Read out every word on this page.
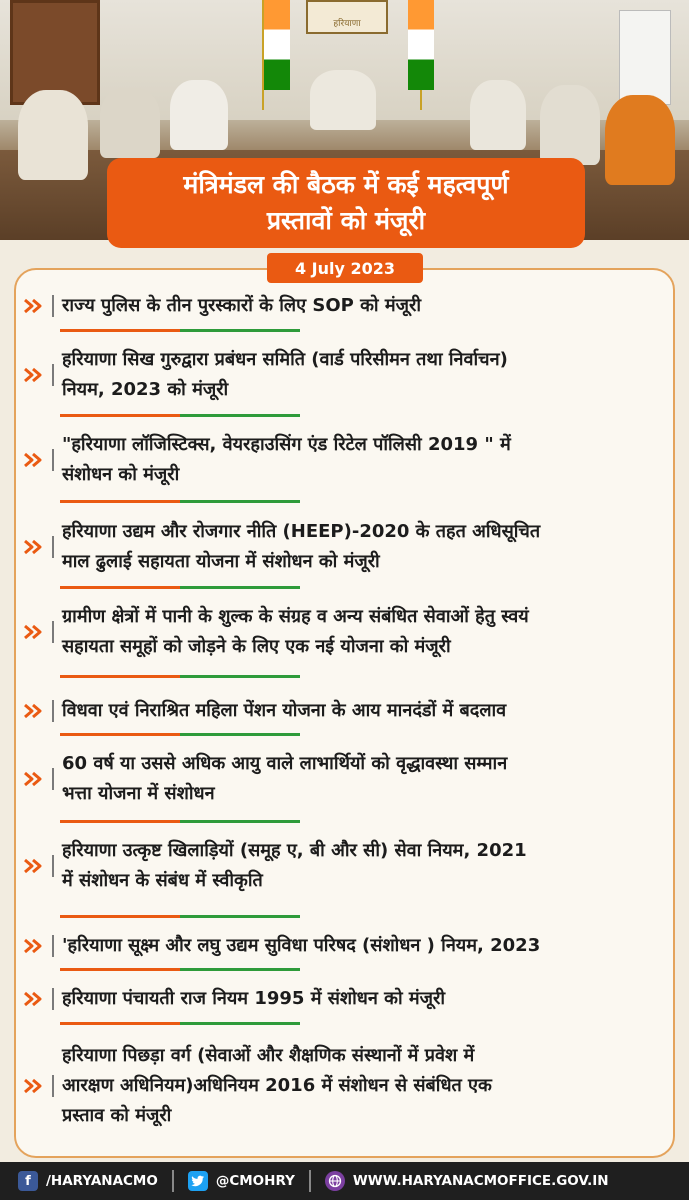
हरियाणा
मंत्रिमंडल की बैठक में कई महत्वपूर्ण
प्रस्तावों को मंजूरी
4 July 2023
राज्य पुलिस के तीन पुरस्कारों के लिए SOP को मंजूरी
हरियाणा सिख गुरुद्वारा प्रबंधन समिति (वार्ड परिसीमन तथा निर्वाचन)
नियम, 2023 को मंजूरी
"हरियाणा लॉजिस्टिक्स, वेयरहाउसिंग एंड रिटेल पॉलिसी 2019 " में
संशोधन को मंजूरी
हरियाणा उद्यम और रोजगार नीति (HEEP)-2020 के तहत अधिसूचित
माल ढुलाई सहायता योजना में संशोधन को मंजूरी
ग्रामीण क्षेत्रों में पानी के शुल्क के संग्रह व अन्य संबंधित सेवाओं हेतु स्वयं
सहायता समूहों को जोड़ने के लिए एक नई योजना को मंजूरी
विधवा एवं निराश्रित महिला पेंशन योजना के आय मानदंडों में बदलाव
60 वर्ष या उससे अधिक आयु वाले लाभार्थियों को वृद्धावस्था सम्मान
भत्ता योजना में संशोधन
हरियाणा उत्कृष्ट खिलाड़ियों (समूह ए, बी और सी) सेवा नियम, 2021
में संशोधन के संबंध में स्वीकृति
'हरियाणा सूक्ष्म और लघु उद्यम सुविधा परिषद (संशोधन ) नियम, 2023
हरियाणा पंचायती राज नियम 1995 में संशोधन को मंजूरी
हरियाणा पिछड़ा वर्ग (सेवाओं और शैक्षणिक संस्थानों में प्रवेश में
आरक्षण अधिनियम)अधिनियम 2016 में संशोधन से संबंधित एक
प्रस्ताव को मंजूरी
f	/HARYANACMO	@CMOHRY	WWW.HARYANACMOFFICE.GOV.IN
